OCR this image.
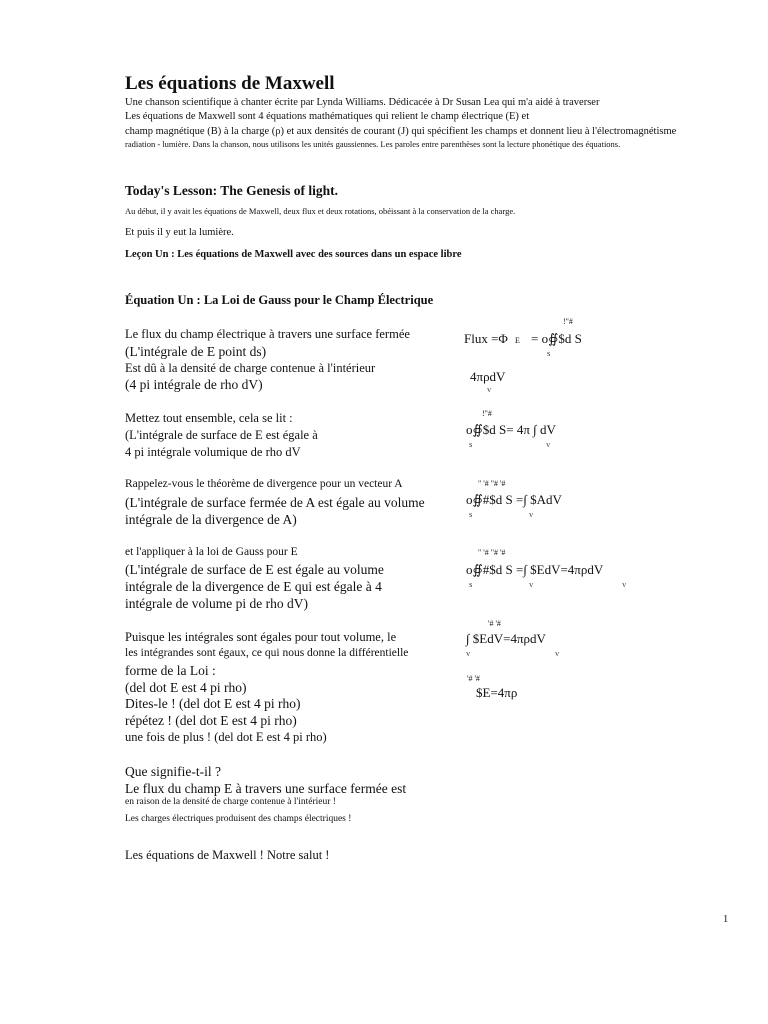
Les équations de Maxwell
Une chanson scientifique à chanter écrite par Lynda Williams. Dédicacée à Dr Susan Lea qui m'a aidé à traverser
Les équations de Maxwell sont 4 équations mathématiques qui relient le champ électrique (E) et
champ magnétique (B) à la charge (ρ) et aux densités de courant (J) qui spécifient les champs et donnent lieu à l'électromagnétisme
radiation - lumière. Dans la chanson, nous utilisons les unités gaussiennes. Les paroles entre parenthèses sont la lecture phonétique des équations.
Today's Lesson: The Genesis of light.
Au début, il y avait les équations de Maxwell, deux flux et deux rotations, obéissant à la conservation de la charge.
Et puis il y eut la lumière.
Leçon Un : Les équations de Maxwell avec des sources dans un espace libre
Équation Un : La Loi de Gauss pour le Champ Électrique
Le flux du champ électrique à travers une surface fermée
(L'intégrale de E point ds)
Est dû à la densité de charge contenue à l'intérieur
(4 pi intégrale de rho dV)
Mettez tout ensemble, cela se lit :
(L'intégrale de surface de E est égale à
4 pi intégrale volumique de rho dV
Rappelez-vous le théorème de divergence pour un vecteur A
(L'intégrale de surface fermée de A est égale au volume
intégrale de la divergence de A)
et l'appliquer à la loi de Gauss pour E
(L'intégrale de surface de E est égale au volume
intégrale de la divergence de E qui est égale à 4
intégrale de volume pi de rho dV)
Puisque les intégrales sont égales pour tout volume, le
les intégrandes sont égaux, ce qui nous donne la différentielle
forme de la Loi :
(del dot E est 4 pi rho)
Dites-le ! (del dot E est 4 pi rho)
répétez ! (del dot E est 4 pi rho)
une fois de plus ! (del dot E est 4 pi rho)
Que signifie-t-il ?
Le flux du champ E à travers une surface fermée est
en raison de la densité de charge contenue à l'intérieur !
Les charges électriques produisent des champs électriques !
Les équations de Maxwell ! Notre salut !
!"#
Flux =Φ E = o∯$d S
S
4πρdV
V
!"#
o∯$d S= 4π ∫ dV
S	V
" '# "# '#
o∯#$d S =∫ $AdV
S	V
" '# "# '#
o∯#$d S =∫ $EdV=4πρdV
S	V	V
'# '#
∫ $EdV=4πρdV
V	V
'# '#
$E=4πρ
1
